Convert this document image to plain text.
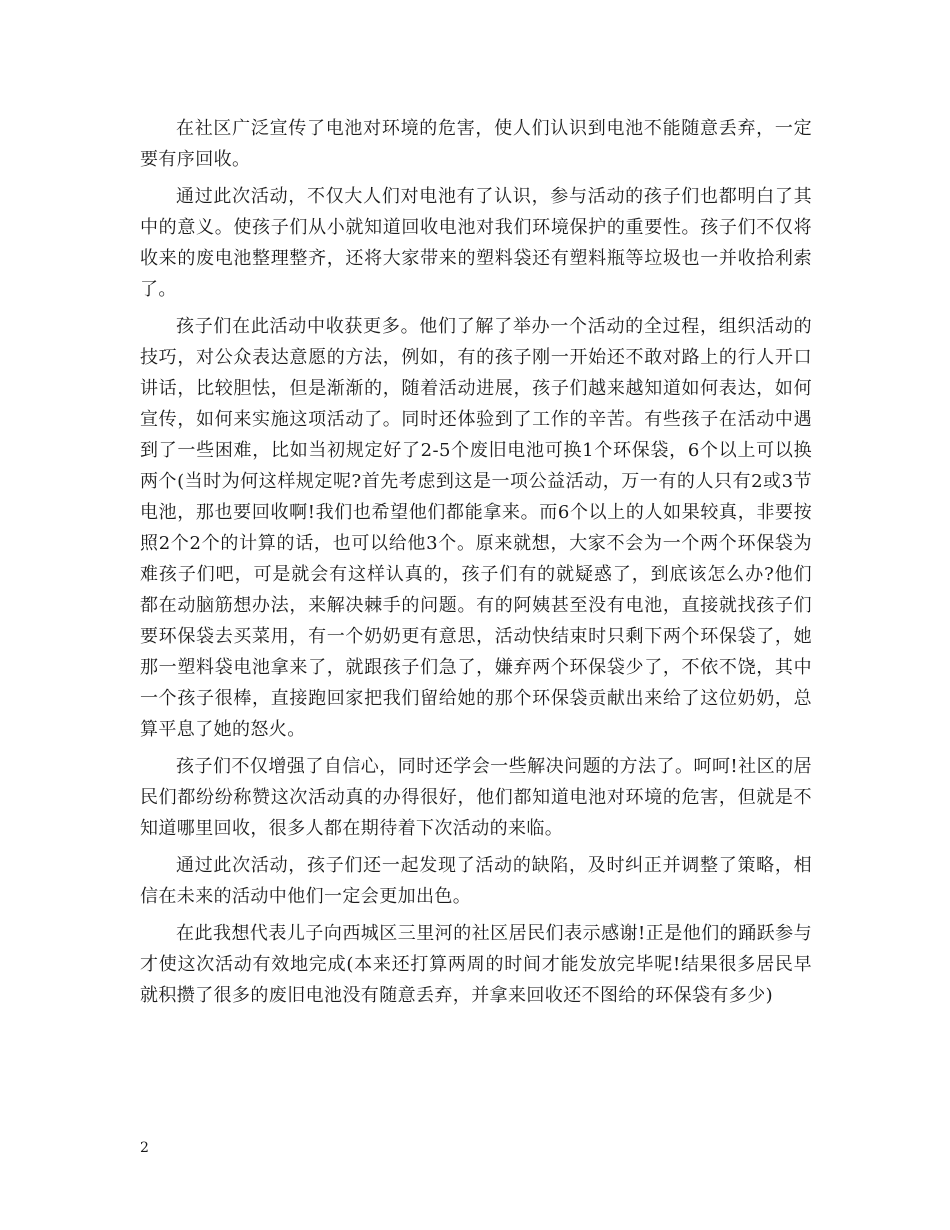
在社区广泛宣传了电池对环境的危害，使人们认识到电池不能随意丢弃，一定要有序回收。

通过此次活动，不仅大人们对电池有了认识，参与活动的孩子们也都明白了其中的意义。使孩子们从小就知道回收电池对我们环境保护的重要性。孩子们不仅将收来的废电池整理整齐，还将大家带来的塑料袋还有塑料瓶等垃圾也一并收拾利索了。

孩子们在此活动中收获更多。他们了解了举办一个活动的全过程，组织活动的技巧，对公众表达意愿的方法，例如，有的孩子刚一开始还不敢对路上的行人开口讲话，比较胆怯，但是渐渐的，随着活动进展，孩子们越来越知道如何表达，如何宣传，如何来实施这项活动了。同时还体验到了工作的辛苦。有些孩子在活动中遇到了一些困难，比如当初规定好了2-5个废旧电池可换1个环保袋，6个以上可以换两个(当时为何这样规定呢?首先考虑到这是一项公益活动，万一有的人只有2或3节电池，那也要回收啊!我们也希望他们都能拿来。而6个以上的人如果较真，非要按照2个2个的计算的话，也可以给他3个。原来就想，大家不会为一个两个环保袋为难孩子们吧，可是就会有这样认真的，孩子们有的就疑惑了，到底该怎么办?他们都在动脑筋想办法，来解决棘手的问题。有的阿姨甚至没有电池，直接就找孩子们要环保袋去买菜用，有一个奶奶更有意思，活动快结束时只剩下两个环保袋了，她那一塑料袋电池拿来了，就跟孩子们急了，嫌弃两个环保袋少了，不依不饶，其中一个孩子很棒，直接跑回家把我们留给她的那个环保袋贡献出来给了这位奶奶，总算平息了她的怒火。

孩子们不仅增强了自信心，同时还学会一些解决问题的方法了。呵呵!社区的居民们都纷纷称赞这次活动真的办得很好，他们都知道电池对环境的危害，但就是不知道哪里回收，很多人都在期待着下次活动的来临。

通过此次活动，孩子们还一起发现了活动的缺陷，及时纠正并调整了策略，相信在未来的活动中他们一定会更加出色。

在此我想代表儿子向西城区三里河的社区居民们表示感谢!正是他们的踊跃参与才使这次活动有效地完成(本来还打算两周的时间才能发放完毕呢!结果很多居民早就积攒了很多的废旧电池没有随意丢弃，并拿来回收还不图给的环保袋有多少)

2
